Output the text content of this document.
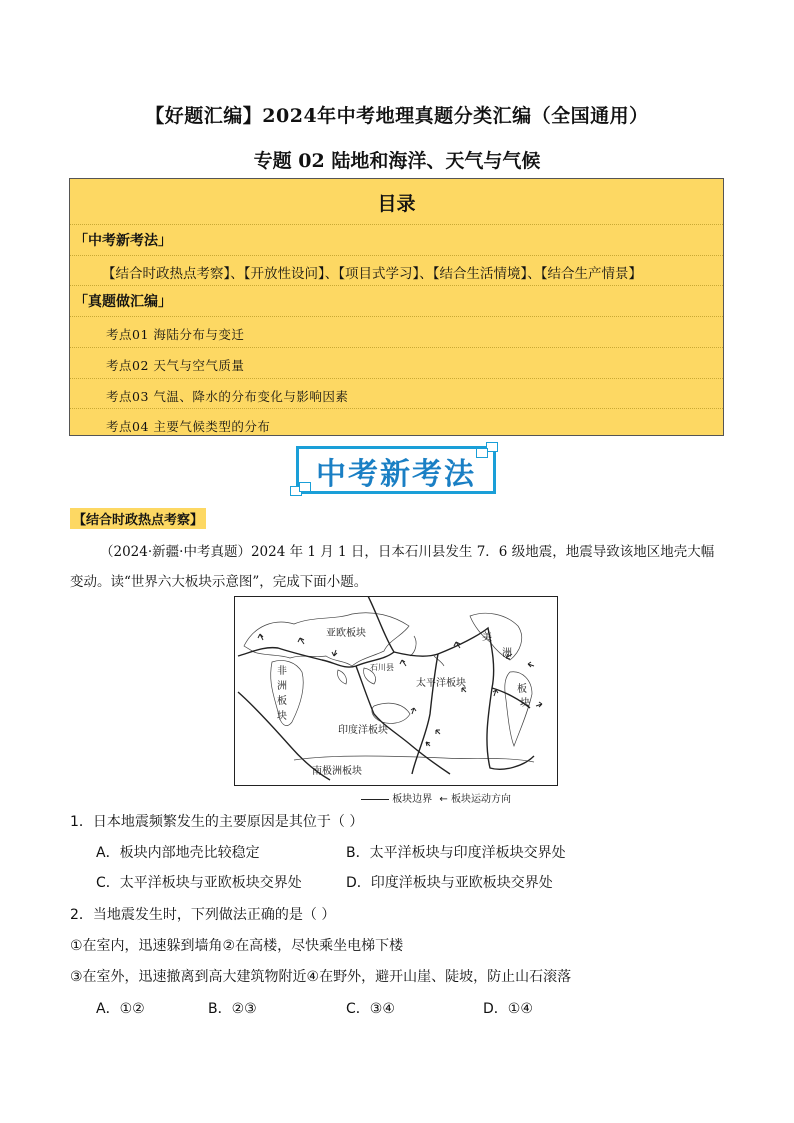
【好题汇编】2024年中考地理真题分类汇编（全国通用）
专题 02 陆地和海洋、天气与气候
目录
「中考新考法」
【结合时政热点考察】、【开放性设问】、【项目式学习】、【结合生活情境】、【结合生产情景】
「真题做汇编」
考点01 海陆分布与变迁
考点02 天气与空气质量
考点03 气温、降水的分布变化与影响因素
考点04 主要气候类型的分布
中考新考法
【结合时政热点考察】
（2024·新疆·中考真题）2024 年 1 月 1 日，日本石川县发生 7．6 级地震，地震导致该地区地壳大幅
变动。读“世界六大板块示意图”，完成下面小题。
亚欧板块	美
洲
板
块
非
洲
板
块
石川县
太平洋板块
印度洋板块
南极洲板块
板块边界 ← 板块运动方向
1．日本地震频繁发生的主要原因是其位于（ ）
A．板块内部地壳比较稳定	B．太平洋板块与印度洋板块交界处
C．太平洋板块与亚欧板块交界处	D．印度洋板块与亚欧板块交界处
2．当地震发生时，下列做法正确的是（ ）
①在室内，迅速躲到墙角②在高楼，尽快乘坐电梯下楼
③在室外，迅速撤离到高大建筑物附近④在野外，避开山崖、陡坡，防止山石滚落
A．①②	B．②③	C．③④	D．①④
